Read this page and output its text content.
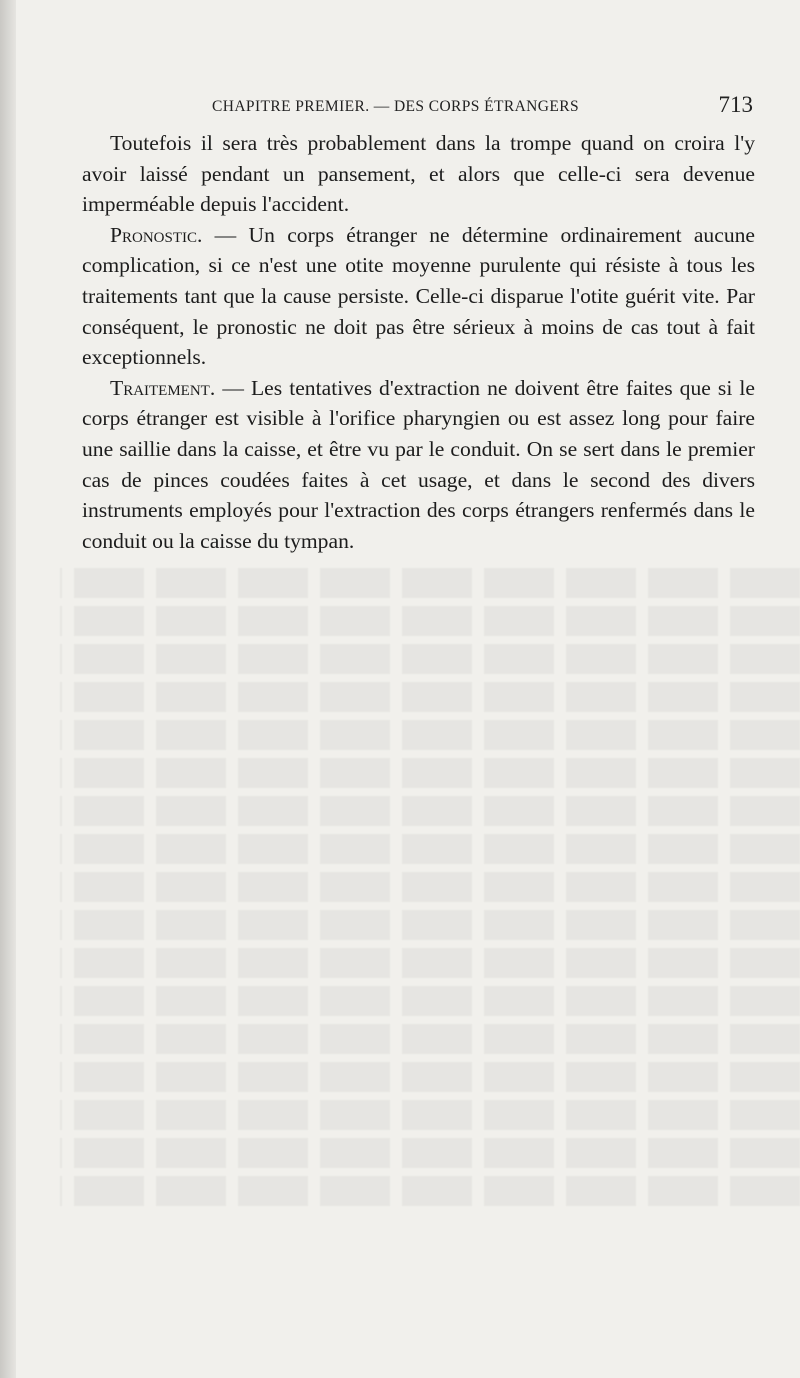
CHAPITRE PREMIER. — DES CORPS ÉTRANGERS	713

Toutefois il sera très probablement dans la trompe quand on croira l'y avoir laissé pendant un pansement, et alors que celle-ci sera devenue imperméable depuis l'accident.

Pronostic. — Un corps étranger ne détermine ordinairement aucune complication, si ce n'est une otite moyenne purulente qui résiste à tous les traitements tant que la cause persiste. Celle-ci disparue l'otite guérit vite. Par conséquent, le pronostic ne doit pas être sérieux à moins de cas tout à fait exceptionnels.

Traitement. — Les tentatives d'extraction ne doivent être faites que si le corps étranger est visible à l'orifice pharyngien ou est assez long pour faire une saillie dans la caisse, et être vu par le conduit. On se sert dans le premier cas de pinces coudées faites à cet usage, et dans le second des divers instruments employés pour l'extraction des corps étrangers renfermés dans le conduit ou la caisse du tympan.
